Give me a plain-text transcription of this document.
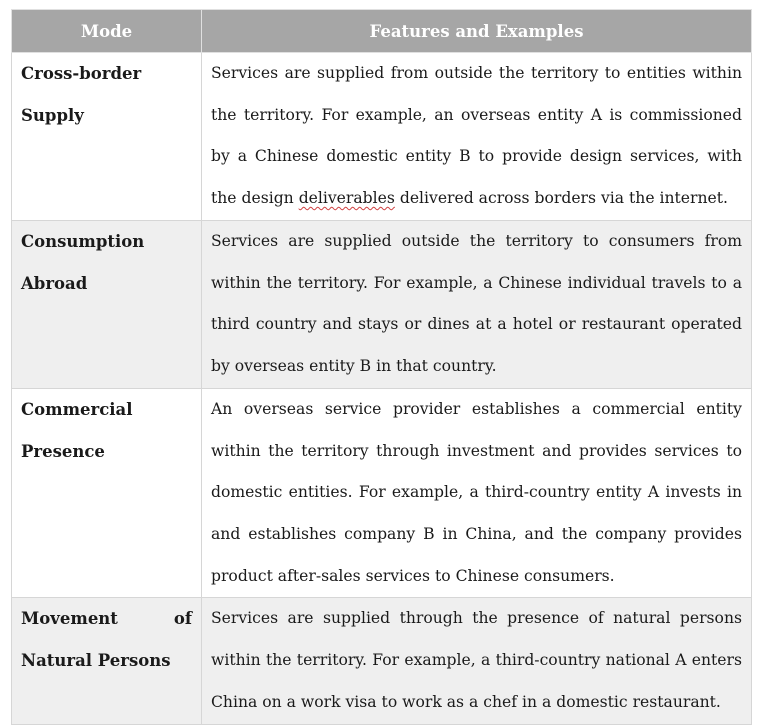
Mode	Features and Examples

Cross-border
Supply	Services are supplied from outside the territory to entities within the territory. For example, an overseas entity A is commissioned by a Chinese domestic entity B to provide design services, with the design deliverables delivered across borders via the internet.

Consumption
Abroad	Services are supplied outside the territory to consumers from within the territory. For example, a Chinese individual travels to a third country and stays or dines at a hotel or restaurant operated by overseas entity B in that country.

Commercial
Presence	An overseas service provider establishes a commercial entity within the territory through investment and provides services to domestic entities. For example, a third-country entity A invests in and establishes company B in China, and the company provides product after-sales services to Chinese consumers.

Movement of
Natural Persons	Services are supplied through the presence of natural persons within the territory. For example, a third-country national A enters China on a work visa to work as a chef in a domestic restaurant.
